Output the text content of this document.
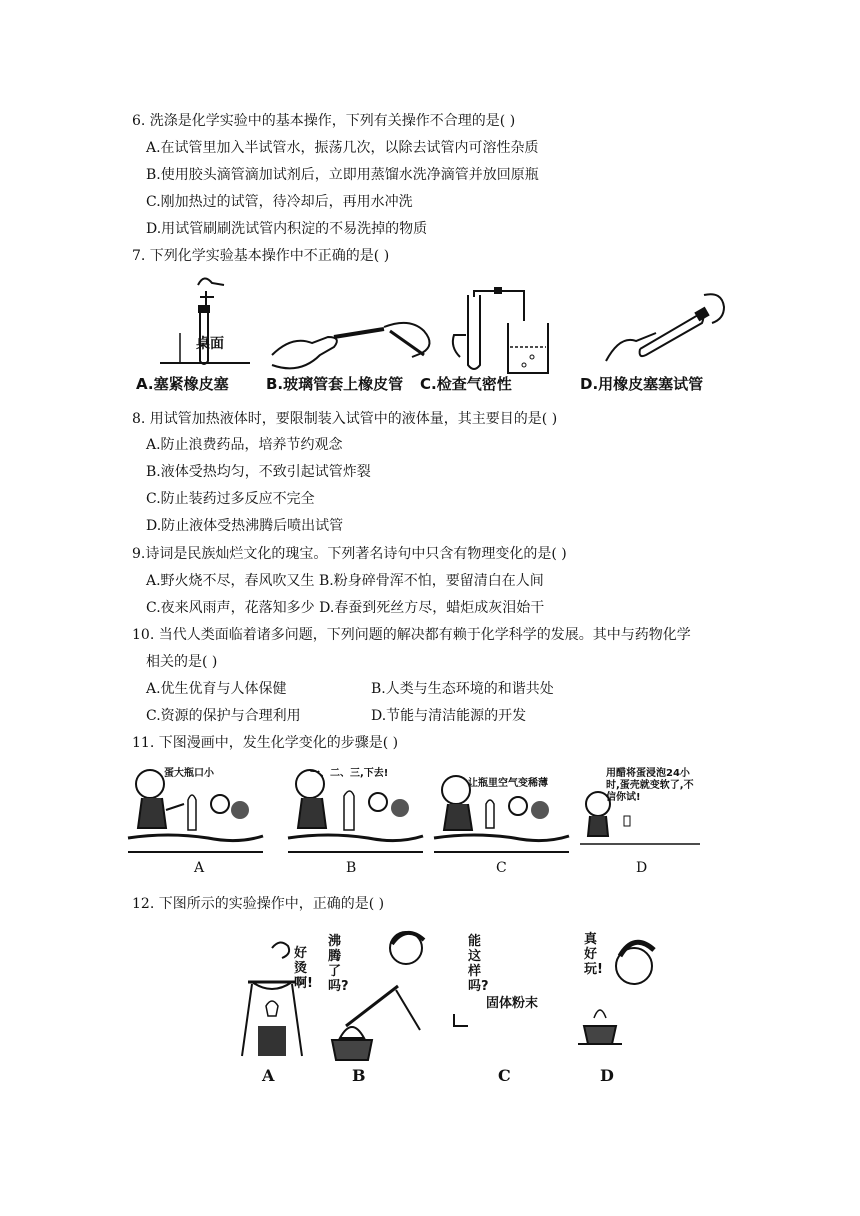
6. 洗涤是化学实验中的基本操作，下列有关操作不合理的是( )
A.在试管里加入半试管水，振荡几次，以除去试管内可溶性杂质
B.使用胶头滴管滴加试剂后，立即用蒸馏水洗净滴管并放回原瓶
C.刚加热过的试管，待冷却后，再用水冲洗
D.用试管刷刷洗试管内积淀的不易洗掉的物质
7. 下列化学实验基本操作中不正确的是( )
桌面
A.塞紧橡皮塞 B.玻璃管套上橡皮管 C.检查气密性	D.用橡皮塞塞试管
8. 用试管加热液体时，要限制装入试管中的液体量，其主要目的是( )
A.防止浪费药品，培养节约观念
B.液体受热均匀，不致引起试管炸裂
C.防止装药过多反应不完全
D.防止液体受热沸腾后喷出试管
9.诗词是民族灿烂文化的瑰宝。下列著名诗句中只含有物理变化的是( )
A.野火烧不尽，春风吹又生 B.粉身碎骨浑不怕，要留清白在人间
C.夜来风雨声，花落知多少 D.春蚕到死丝方尽，蜡炬成灰泪始干
10. 当代人类面临着诸多问题，下列问题的解决都有赖于化学科学的发展。其中与药物化学
相关的是( )
A.优生优育与人体保健	B.人类与生态环境的和谐共处
C.资源的保护与合理利用	D.节能与清洁能源的开发
11. 下图漫画中，发生化学变化的步骤是( )
蛋大瓶口小	一、二、三,下去!
让瓶里空气变稀薄
用醋将蛋浸泡24小时,蛋壳就变软了,不信你试!
A	B	C	D
12. 下图所示的实验操作中，正确的是( )
好烫啊!
沸腾了吗?
能这样吗?
固体粉末
真好玩!
A	B	C	D
